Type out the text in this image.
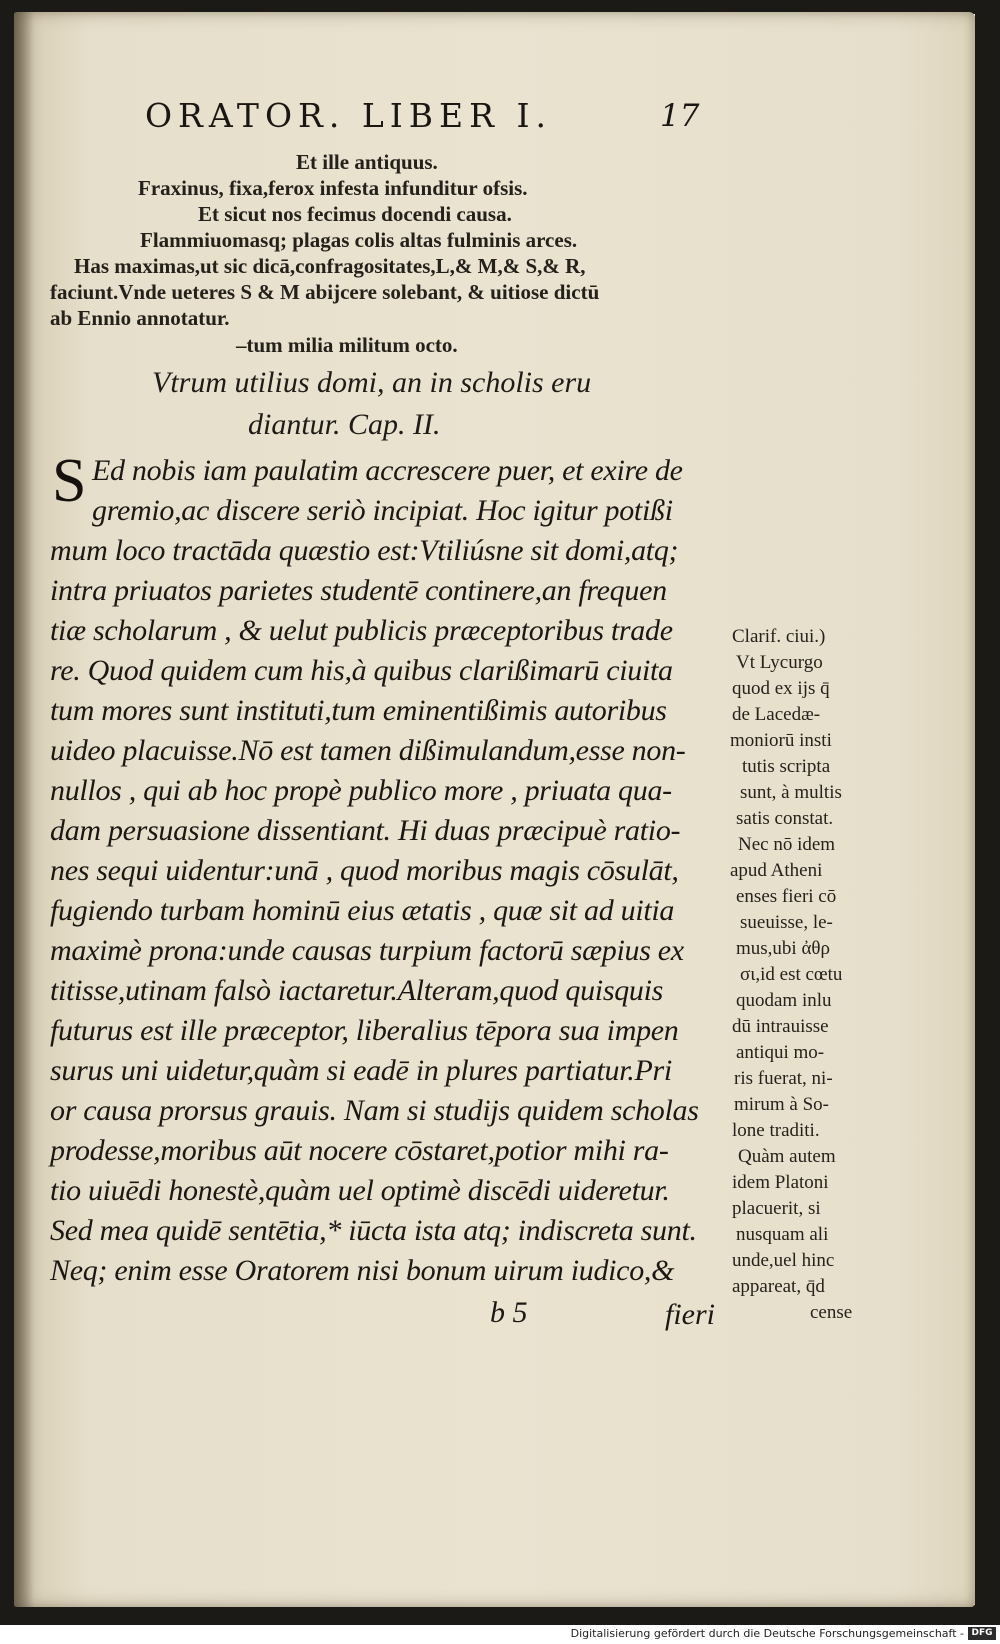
ORATOR. LIBER I.	17
Et ille antiquus.
Fraxinus, fixa,ferox infesta infunditur ofsis.
Et sicut nos fecimus docendi causa.
Flammiuomasq; plagas colis altas fulminis arces.
Has maximas,ut sic dicā,confragositates,L,& M,& S,& R,
faciunt.Vnde ueteres S & M abijcere solebant, & uitiose dictū
ab Ennio annotatur.
–tum milia militum octo.
Vtrum utilius domi, an in scholis eru
diantur. Cap. II.
S Ed nobis iam paulatim accrescere puer, et exire de
gremio,ac discere seriò incipiat. Hoc igitur potißi
mum loco tractāda quæstio est:Vtiliúsne sit domi,atq;
intra priuatos parietes studentē continere,an frequen
tiæ scholarum , & uelut publicis præceptoribus trade
re. Quod quidem cum his,à quibus clarißimarū ciuita
tum mores sunt instituti,tum eminentißimis autoribus
uideo placuisse.Nō est tamen dißimulandum,esse non-
nullos , qui ab hoc propè publico more , priuata qua-
dam persuasione dissentiant. Hi duas præcipuè ratio-
nes sequi uidentur:unā , quod moribus magis cōsulāt,
fugiendo turbam hominū eius ætatis , quæ sit ad uitia
maximè prona:unde causas turpium factorū sæpius ex
titisse,utinam falsò iactaretur.Alteram,quod quisquis
futurus est ille præceptor, liberalius tēpora sua impen
surus uni uidetur,quàm si eadē in plures partiatur.Pri
or causa prorsus grauis. Nam si studijs quidem scholas
prodesse,moribus aūt nocere cōstaret,potior mihi ra-
tio uiuēdi honestè,quàm uel optimè discēdi uideretur.
Sed mea quidē sentētia,* iūcta ista atq; indiscreta sunt.
Neq; enim esse Oratorem nisi bonum uirum iudico,&
b 5	fieri
Clarif. ciui.)
Vt Lycurgo
quod ex ijs q̄
de Lacedæ-
moniorū insti
tutis scripta
sunt, à multis
satis constat.
Nec nō idem
apud Atheni
enses fieri cō
sueuisse, le-
mus,ubi ἀθρ
σι,id est cœtu
quodam inlu
dū intrauisse
antiqui mo-
ris fuerat, ni-
mirum à So-
lone traditi.
Quàm autem
idem Platoni
placuerit, si
nusquam ali
unde,uel hinc
appareat, q̄d
cense
Digitalisierung gefördert durch die Deutsche Forschungsgemeinschaft - DFG
